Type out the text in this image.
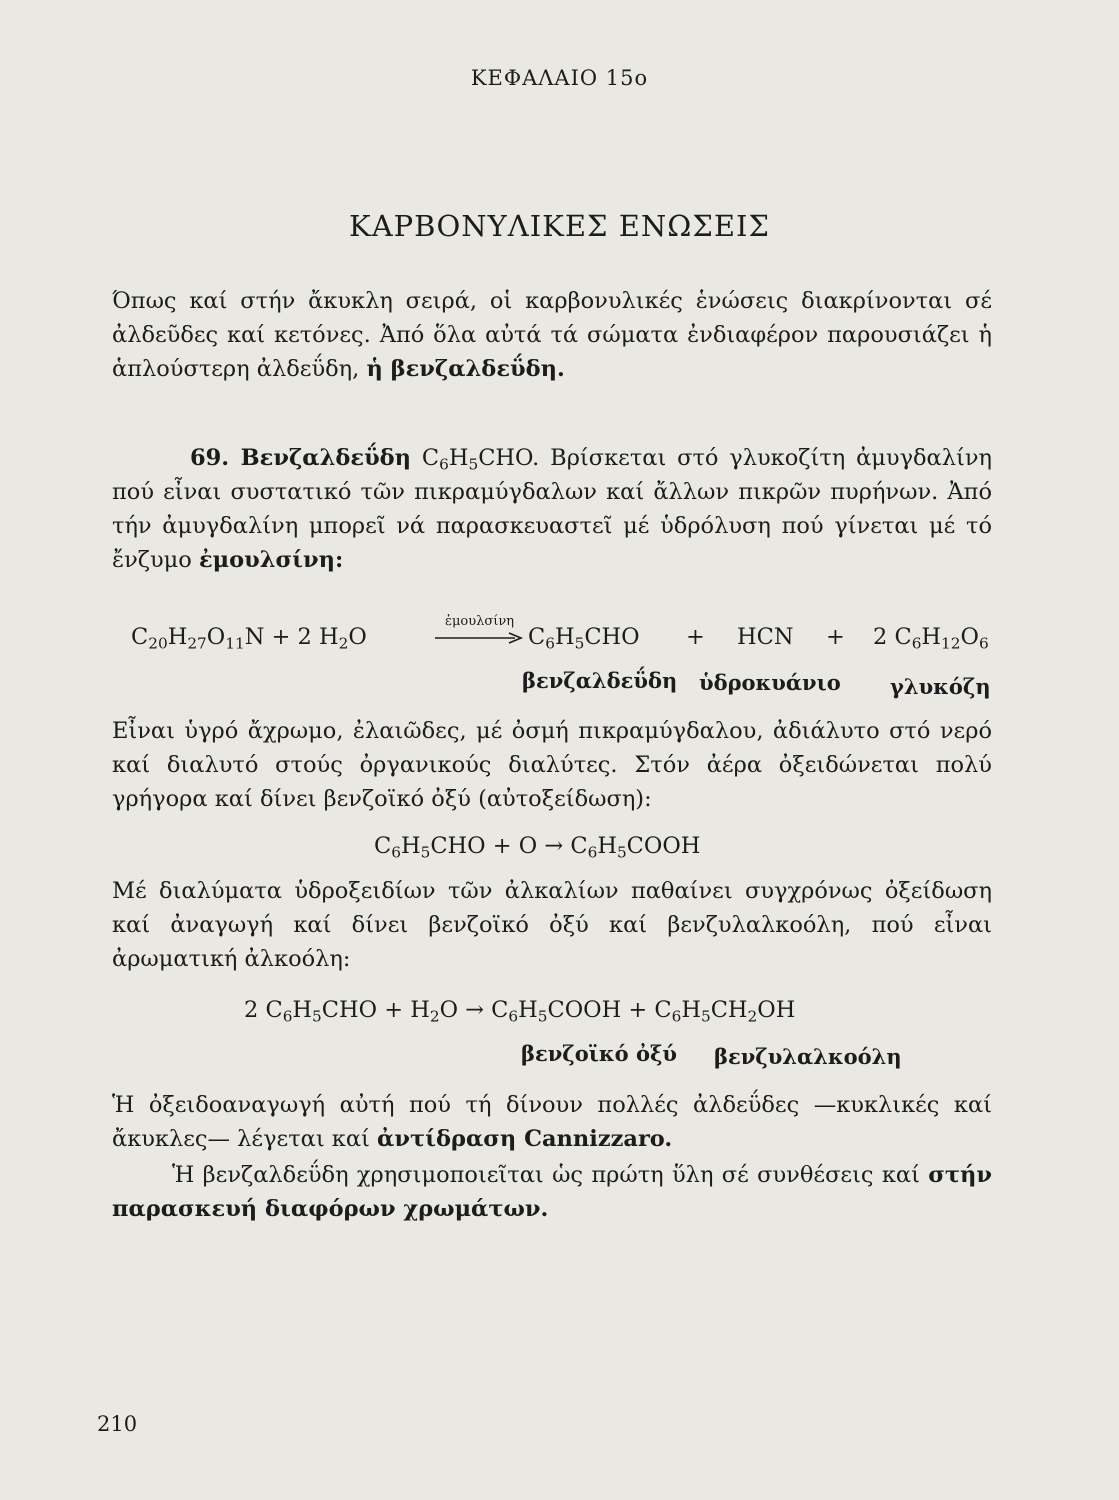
ΚΕΦΑΛΑΙΟ 15ο
ΚΑΡΒΟΝΥΛΙΚΕΣ ΕΝΩΣΕΙΣ
Όπως καί στήν ἄκυκλη σειρά, οἱ καρβονυλικές ἑνώσεις διακρίνονται σέ ἀλδεῦδες καί κετόνες. Ἀπό ὅλα αὐτά τά σώματα ἐνδιαφέρον παρουσιάζει ἡ ἁπλούστερη ἀλδεΰδη, ἡ βενζαλδεΰδη.
69. Βενζαλδεΰδη $C_6H_5CHO$. Βρίσκεται στό γλυκοζίτη ἀμυγδαλίνη πού εἶναι συστατικό τῶν πικραμύγδαλων καί ἄλλων πικρῶν πυρήνων. Ἀπό τήν ἀμυγδαλίνη μπορεῖ νά παρασκευαστεῖ μέ ὑδρόλυση πού γίνεται μέ τό ἔνζυμο ἐμουλσίνη:
$C_{20}H_{27}O_{11}N + 2$ $H_2O$
ἐμουλσίνη
$C_6H_5CHO$ + HCN + 2 $C_6H_{12}O_6$
βενζαλδεΰδη ὑδροκυάνιο γλυκόζη
Εἶναι ὑγρό ἄχρωμο, ἐλαιῶδες, μέ ὀσμή πικραμύγδαλου, ἀδιάλυτο στό νερό καί διαλυτό στούς ὀργανικούς διαλύτες. Στόν ἀέρα ὀξειδώνεται πολύ γρήγορα καί δίνει βενζοϊκό ὀξύ (αὐτοξείδωση):
$C_6H_5CHO + O$ → $C_6H_5COOH$
Μέ διαλύματα ὑδροξειδίων τῶν ἀλκαλίων παθαίνει συγχρόνως ὀξείδωση καί ἀναγωγή καί δίνει βενζοϊκό ὀξύ καί βενζυλαλκοόλη, πού εἶναι ἀρωματική ἀλκοόλη:
2 $C_6H_5CHO + H_2O$ → $C_6H_5COOH + C_6H_5CH_2OH$
βενζοϊκό ὀξύ βενζυλαλκοόλη
Ἡ ὀξειδοαναγωγή αὐτή πού τή δίνουν πολλές ἀλδεΰδες —κυκλικές καί ἄκυκλες— λέγεται καί ἀντίδραση Cannizzaro.
Ἡ βενζαλδεΰδη χρησιμοποιεῖται ὡς πρώτη ὕλη σέ συνθέσεις καί στήν παρασκευή διαφόρων χρωμάτων.
210
